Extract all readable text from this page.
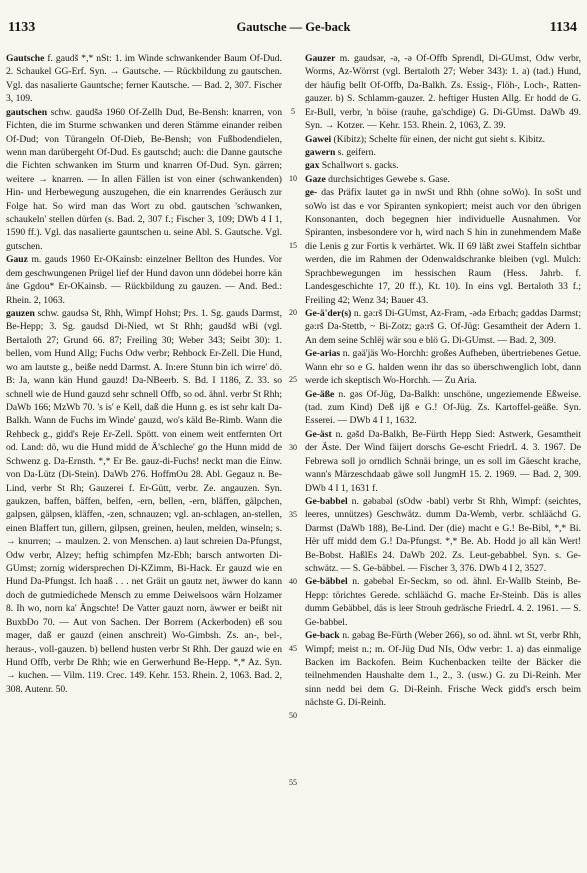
1133	Gautsche — Ge-back	1134

Gautsche f. gaudš *,* nSt: 1. im Winde schwankender Baum Of-Dud. 2. Schaukel GG-Erf. Syn. → Gautsche. — Rückbildung zu gautschen. Vgl. das nasalierte Gauntsche; ferner Kautsche. — Bad. 2, 307. Fischer 3, 109.

gautschen schw. gaudšǝ 1960 Of-Zellh Dud, Be-Bensh: knarren, von Fichten, die im Sturme schwanken und deren Stämme einander reiben Of-Dud; von Türangeln Of-Dieb, Be-Bensh; von Fußbodendielen, wenn man darübergeht Of-Dud. Es gautschd; auch: die Danne gautsche die Fichten schwanken im Sturm und knarren Of-Dud. Syn. gärren; weitere → knarren. — In allen Fällen ist von einer (schwankenden) Hin- und Herbewegung auszugehen, die ein knarrendes Geräusch zur Folge hat. So wird man das Wort zu obd. gautschen 'schwanken, schaukeln' stellen dürfen (s. Bad. 2, 307 f.; Fischer 3, 109; DWb 4 I 1, 1590 ff.). Vgl. das nasalierte gauntschen u. seine Abl. S. Gautsche. Vgl. gutschen.

Gauz m. gauds 1960 Er-OKainsb: einzelner Bellton des Hundes. Vor dem geschwungenen Prügel lief der Hund davon unn dödebei horre kän äne Ggdou* Er-OKainsb. — Rückbildung zu gauzen. — And. Bed.: Rhein. 2, 1063.

gauzen schw. gaudsǝ St, Rhh, Wimpf Hohst; Prs. 1. Sg. gauds Darmst, Be-Hepp; 3. Sg. gaudsd Di-Nied, wt St Rhh; gaudšd wBi (vgl. Bertaloth 27; Grund 66. 87; Freiling 30; Weber 343; Seibt 30): 1. bellen, vom Hund Allg; Fuchs Odw verbr; Rehbock Er-Zell. Die Hund, wo am lautste g., beiße nedd Darmst. A. In:ere Stunn bin ich wirre' dö. B: Ja, wann kän Hund gauzd! Da-NBeerb. S. Bd. I 1186, Z. 33. so schnell wie de Hund gauzd sehr schnell Offb, so od. ähnl. verbr St Rhh; DaWb 166; MzWb 70. 's is' e Kell, daß die Hunn g. es ist sehr kalt Da-Balkh. Wann de Fuchs im Winde' gauzd, wo's käld Be-Rimb. Wann die Rehbeck g., gidd's Reje Er-Zell. Spött. von einem weit entfernten Ort od. Land: dö, wu die Hund midd de Ä'schleche' go the Hunn midd de Schwenz g. Da-Ernsth. *,* Er Be. gauz-di-Fuchs! neckt man die Einw. von Da-Lütz (Di-Stein). DaWb 276. HoffmOu 28. Abl. Gegauz n. Be-Lind, verbr St Rh; Gauzerei f. Er-Gütt, verbr. Ze. angauzen. Syn. gaukzen, baffen, bäffen, belfen, -ern, bellen, -ern, bläffen, gälpchen, galpsen, gälpsen, kläffen, -zen, schnauzen; vgl. an-schlagen, an-stellen, einen Blaffert tun, gillern, gilpsen, greinen, heulen, melden, winseln; s. → knurren; → maulzen. 2. von Menschen. a) laut schreien Da-Pfungst, Odw verbr, Alzey; heftig schimpfen Mz-Ebh; barsch antworten Di-GUmst; zornig widersprechen Di-KZimm, Bi-Hack. Er gauzd wie en Hund Da-Pfungst. Ich haaß . . . net Gräit un gautz net, äwwer do kann doch de gutmiedichede Mensch zu emme Deiwelsoos wärn Holzamer 8. Ih wo, norn ka' Ängschte! De Vatter gauzt norn, äwwer er beißt nit BuxbDo 70. — Aut von Sachen. Der Borrem (Ackerboden) eß sou mager, daß er gauzd (einen anschreit) Wo-Gimbsh. Zs. an-, bel-, heraus-, voll-gauzen. b) bellend husten verbr St Rhh. Der gauzd wie en Hund Offb, verbr De Rhh; wie en Gerwerhund Be-Hepp. *,* Az. Syn. → kuchen. — Vilm. 119. Crec. 149. Kehr. 153. Rhein. 2, 1063. Bad. 2, 308. Autenr. 50.

5
10
15
20
25
30
35
40
45
50
55

Gauzer m. gaudsǝr, -ǝ, -ǝ Of-Offb Sprendl, Di-GUmst, Odw verbr, Worms, Az-Wörrst (vgl. Bertaloth 27; Weber 343): 1. a) (tad.) Hund, der häufig bellt Of-Offb, Da-Balkh. Zs. Essig-, Flöh-, Loch-, Ratten-gauzer. b) S. Schlamm-gauzer. 2. heftiger Husten Allg. Er hodd de G. Er-Bull, verbr, 'n böise (rauhe, ga'schdige) G. Di-GUmst. DaWb 49. Syn. → Kotzer. — Kehr. 153. Rhein. 2, 1063, Z. 39.

Gawei (Kibitz); Schelte für einen, der nicht gut sieht s. Kibitz.

gawern s. geifern.

gax Schallwort s. gacks.

Gaze durchsichtiges Gewebe s. Gase.

ge- das Präfix lautet gǝ in nwSt und Rhh (ohne soWo). In soSt und soWo ist das e vor Spiranten synkopiert; meist auch vor den übrigen Konsonanten, doch begegnen hier individuelle Ausnahmen. Vor Spiranten, insbesondere vor h, wird nach S hin in zunehmendem Maße die Lenis g zur Fortis k verhärtet. Wk. II 69 läßt zwei Staffeln sichtbar werden, die im Rahmen der Odenwaldschranke bleiben (vgl. Mulch: Sprachbewegungen im hessischen Raum (Hess. Jahrb. f. Landesgeschichte 17, 20 ff.), Kt. 10). In eins vgl. Bertaloth 33 f.; Freiling 42; Wenz 34; Bauer 43.

Ge-ä'der(s) n. gǝ:rš Di-GUmst, Az-Fram, -ǝdǝ Erbach; gǝddǝs Darmst; gǝ:rš Da-Stettb, ~ Bi-Zotz; gǝ:rš G. Of-Jüg: Gesamtheit der Adern 1. An dem seine Schlëj wär sou e blö G. Di-GUmst. — Bad. 2, 309.

Ge-arias n. gǝä'jäs Wo-Horchh: großes Aufheben, übertriebenes Getue. Wann ehr so e G. halden wenn ihr das so überschwenglich lobt, dann werde ich skeptisch Wo-Horchh. — Zu Aria.

Ge-äße n. gǝs Of-Jüg, Da-Balkh: unschöne, ungeziemende Eßweise. (tad. zum Kind) Deß ijß e G.! Of-Jüg. Zs. Kartoffel-geäße. Syn. Esserei. — DWb 4 I 1, 1632.

Ge-äst n. gǝšd Da-Balkh, Be-Fürth Hepp Sied: Astwerk, Gesamtheit der Äste. Der Wind fäijert dorschs Ge-escht FriedrL 4. 3. 1967. De Febrewa soll jo orndlich Schnäi bringe, un es soll im Gäescht krache, wann's Märzeschdaab gäwe soll JungmH 15. 2. 1969. — Bad. 2, 309. DWb 4 I 1, 1631 f.

Ge-babbel n. gǝbabǝl (sOdw -babl) verbr St Rhh, Wimpf: (seichtes, leeres, unnützes) Geschwätz. dumm Da-Wemb, verbr. schläächd G. Darmst (DaWb 188), Be-Lind. Der (die) macht e G.! Be-Bibl, *,* Bi. Hër uff midd dem G.! Da-Pfungst. *,* Be. Ab. Hodd jo all kän Wert! Be-Bobst. HaßlEs 24. DaWb 202. Zs. Leut-gebabbel. Syn. s. Ge-schwätz. — S. Ge-bäbbel. — Fischer 3, 376. DWb 4 I 2, 3527.

Ge-bäbbel n. gǝbebǝl Er-Seckm, so od. ähnl. Er-Wallb Steinb, Be-Hepp: törichtes Gerede. schläächd G. mache Er-Steinb. Däs is alles dumm Gebäbbel, däs is leer Strouh gedräsche FriedrL 4. 2. 1961. — S. Ge-babbel.

Ge-back n. gǝbag Be-Fürth (Weber 266), so od. ähnl. wt St, verbr Rhh, Wimpf; meist n.; m. Of-Jüg Dud NIs, Odw verbr: 1. a) das einmalige Backen im Backofen. Beim Kuchenbacken teilte der Bäcker die teilnehmenden Haushalte dem 1., 2., 3. (usw.) G. zu Di-Reinh. Mer sinn nedd bei dem G. Di-Reinh. Frische Weck gidd's ersch beim nächste G. Di-Reinh.
